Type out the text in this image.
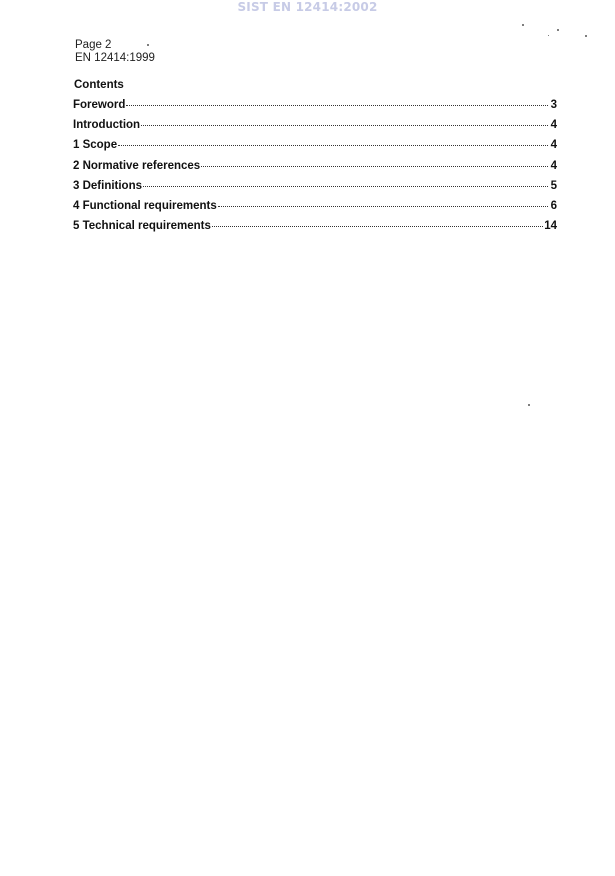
SIST EN 12414:2002
Page 2
EN 12414:1999
Contents
Foreword	3
Introduction	4
1 Scope	4
2 Normative references	4
3 Definitions	5
4 Functional requirements	6
5 Technical requirements	14
